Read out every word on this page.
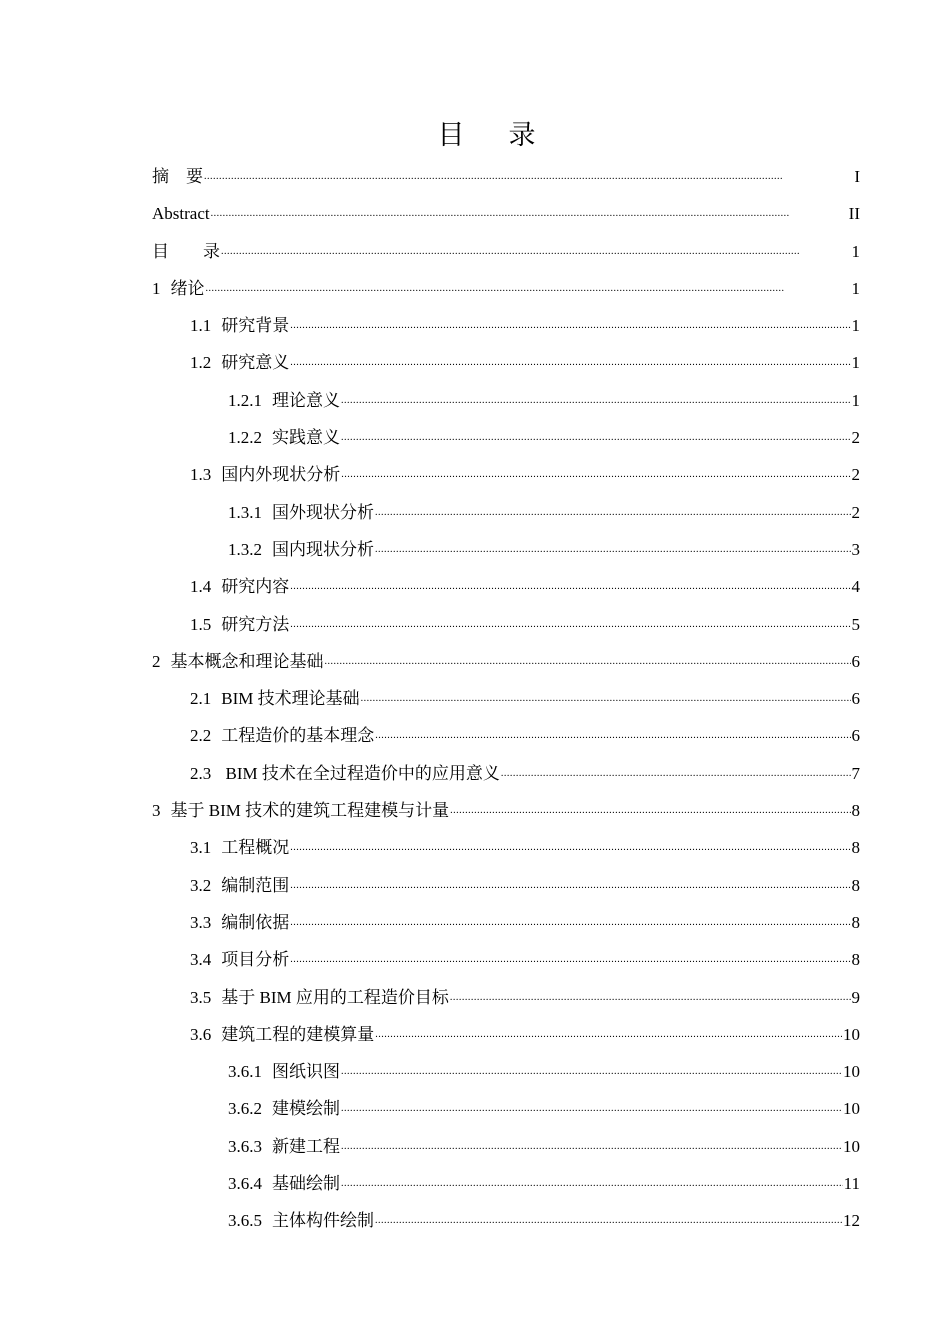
目 录
摘　要 . . .	I
Abstract . . .	II
目　　录 . . .	1
1 绪论 . . .	1
1.1 研究背景 . . .	1
1.2 研究意义 . . .	1
1.2.1 理论意义 . . .	1
1.2.2 实践意义 . . .	2
1.3 国内外现状分析 . . .	2
1.3.1 国外现状分析 . . .	2
1.3.2 国内现状分析 . . .	3
1.4 研究内容 . . .	4
1.5 研究方法 . . .	5
2 基本概念和理论基础 . . .	6
2.1 BIM 技术理论基础 . . .	6
2.2 工程造价的基本理念 . . .	6
2.3 BIM 技术在全过程造价中的应用意义 . . .	7
3 基于 BIM 技术的建筑工程建模与计量 . . .	8
3.1 工程概况 . . .	8
3.2 编制范围 . . .	8
3.3 编制依据 . . .	8
3.4 项目分析 . . .	8
3.5 基于 BIM 应用的工程造价目标 . . .	9
3.6 建筑工程的建模算量 . . .	10
3.6.1 图纸识图 . . .	10
3.6.2 建模绘制 . . .	10
3.6.3 新建工程 . . .	10
3.6.4 基础绘制 . . .	11
3.6.5 主体构件绘制 . . .	12
